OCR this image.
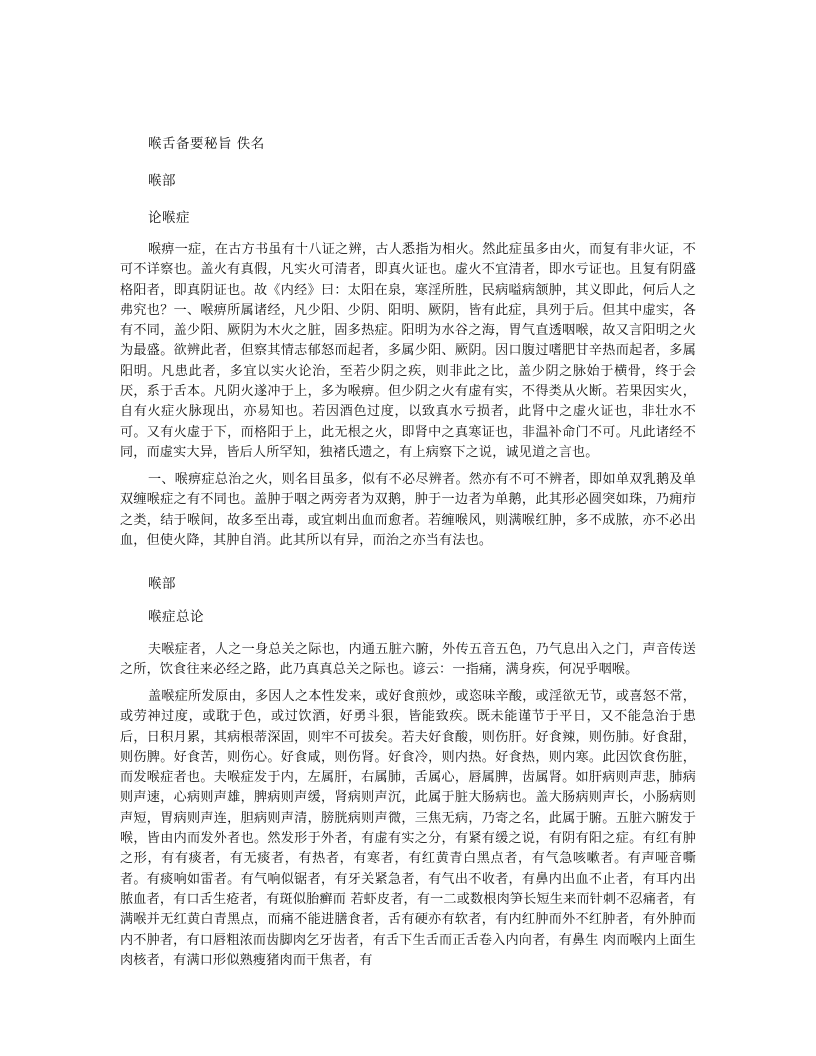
喉舌备要秘旨 佚名
喉部
论喉症
喉痹一症，在古方书虽有十八证之辨，古人悉指为相火。然此症虽多由火，而复有非火证，不可不详察也。盖火有真假，凡实火可清者，即真火证也。虚火不宜清者，即水亏证也。且复有阴盛格阳者，即真阴证也。故《内经》曰：太阳在泉，寒淫所胜，民病嗌病颔肿，其义即此，何后人之弗究也？一、喉痹所属诸经，凡少阳、少阴、阳明、厥阴，皆有此症，具列于后。但其中虚实，各有不同，盖少阳、厥阴为木火之脏，固多热症。阳明为水谷之海，胃气直透咽喉，故又言阳明之火为最盛。欲辨此者，但察其情志郁怒而起者，多属少阳、厥阴。因口腹过嗜肥甘辛热而起者，多属阳明。凡患此者，多宜以实火论治，至若少阴之疾，则非此之比，盖少阴之脉始于横骨，终于会厌，系于舌本。凡阴火遂冲于上，多为喉痹。但少阴之火有虚有实，不得类从火断。若果因实火，自有火症火脉现出，亦易知也。若因酒色过度，以致真水亏损者，此肾中之虚火证也，非壮水不可。又有火虚于下，而格阳于上，此无根之火，即肾中之真寒证也，非温补命门不可。凡此诸经不同，而虚实大异，皆后人所罕知，独褚氏遗之，有上病察下之说，诚见道之言也。
一、喉痹症总治之火，则名目虽多，似有不必尽辨者。然亦有不可不辨者，即如单双乳鹅及单双缠喉症之有不同也。盖肿于咽之两旁者为双鹅，肿于一边者为单鹅，此其形必圆突如珠，乃痈疖之类，结于喉间，故多至出毒，或宜刺出血而愈者。若缠喉风，则满喉红肿，多不成脓，亦不必出血，但使火降，其肿自消。此其所以有异，而治之亦当有法也。
喉部
喉症总论
夫喉症者，人之一身总关之际也，内通五脏六腑，外传五音五色，乃气息出入之门，声音传送之所，饮食往来必经之路，此乃真真总关之际也。谚云：一指痛，满身疾，何况乎咽喉。
盖喉症所发原由，多因人之本性发来，或好食煎炒，或恣味辛酸，或淫欲无节，或喜怒不常，或劳神过度，或耽于色，或过饮酒，好勇斗狠，皆能致疾。既未能谨节于平日，又不能急治于患后，日积月累，其病根蒂深固，则牢不可拔矣。若夫好食酸，则伤肝。好食辣，则伤肺。好食甜，则伤脾。好食苦，则伤心。好食咸，则伤肾。好食冷，则内热。好食热，则内寒。此因饮食伤脏，而发喉症者也。夫喉症发于内，左属肝，右属肺，舌属心，唇属脾，齿属肾。如肝病则声悲，肺病则声速，心病则声雄，脾病则声缓，肾病则声沉，此属于脏大肠病也。盖大肠病则声长，小肠病则声短，胃病则声连，胆病则声清，膀胱病则声微，三焦无病，乃寄之名，此属于腑。五脏六腑发于喉，皆由内而发外者也。然发形于外者，有虚有实之分，有紧有缓之说，有阴有阳之症。有红有肿之形，有有痰者，有无痰者，有热者，有寒者，有红黄青白黑点者，有气急咳嗽者。有声哑音嘶者。有痰响如雷者。有气响似锯者，有牙关紧急者，有气出不收者，有鼻内出血不止者，有耳内出脓血者，有口舌生疮者，有斑似胎癣而 若虾皮者，有一二或数根肉笋长短生来而针刺不忍痛者，有满喉并无红黄白青黑点，而痛不能进膳食者，舌有硬亦有软者，有内红肿而外不红肿者，有外肿而内不肿者，有口唇粗浓而齿脚肉乞牙齿者，有舌下生舌而正舌卷入内向者，有鼻生 肉而喉内上面生肉核者，有满口形似熟瘦猪肉而干焦者，有
